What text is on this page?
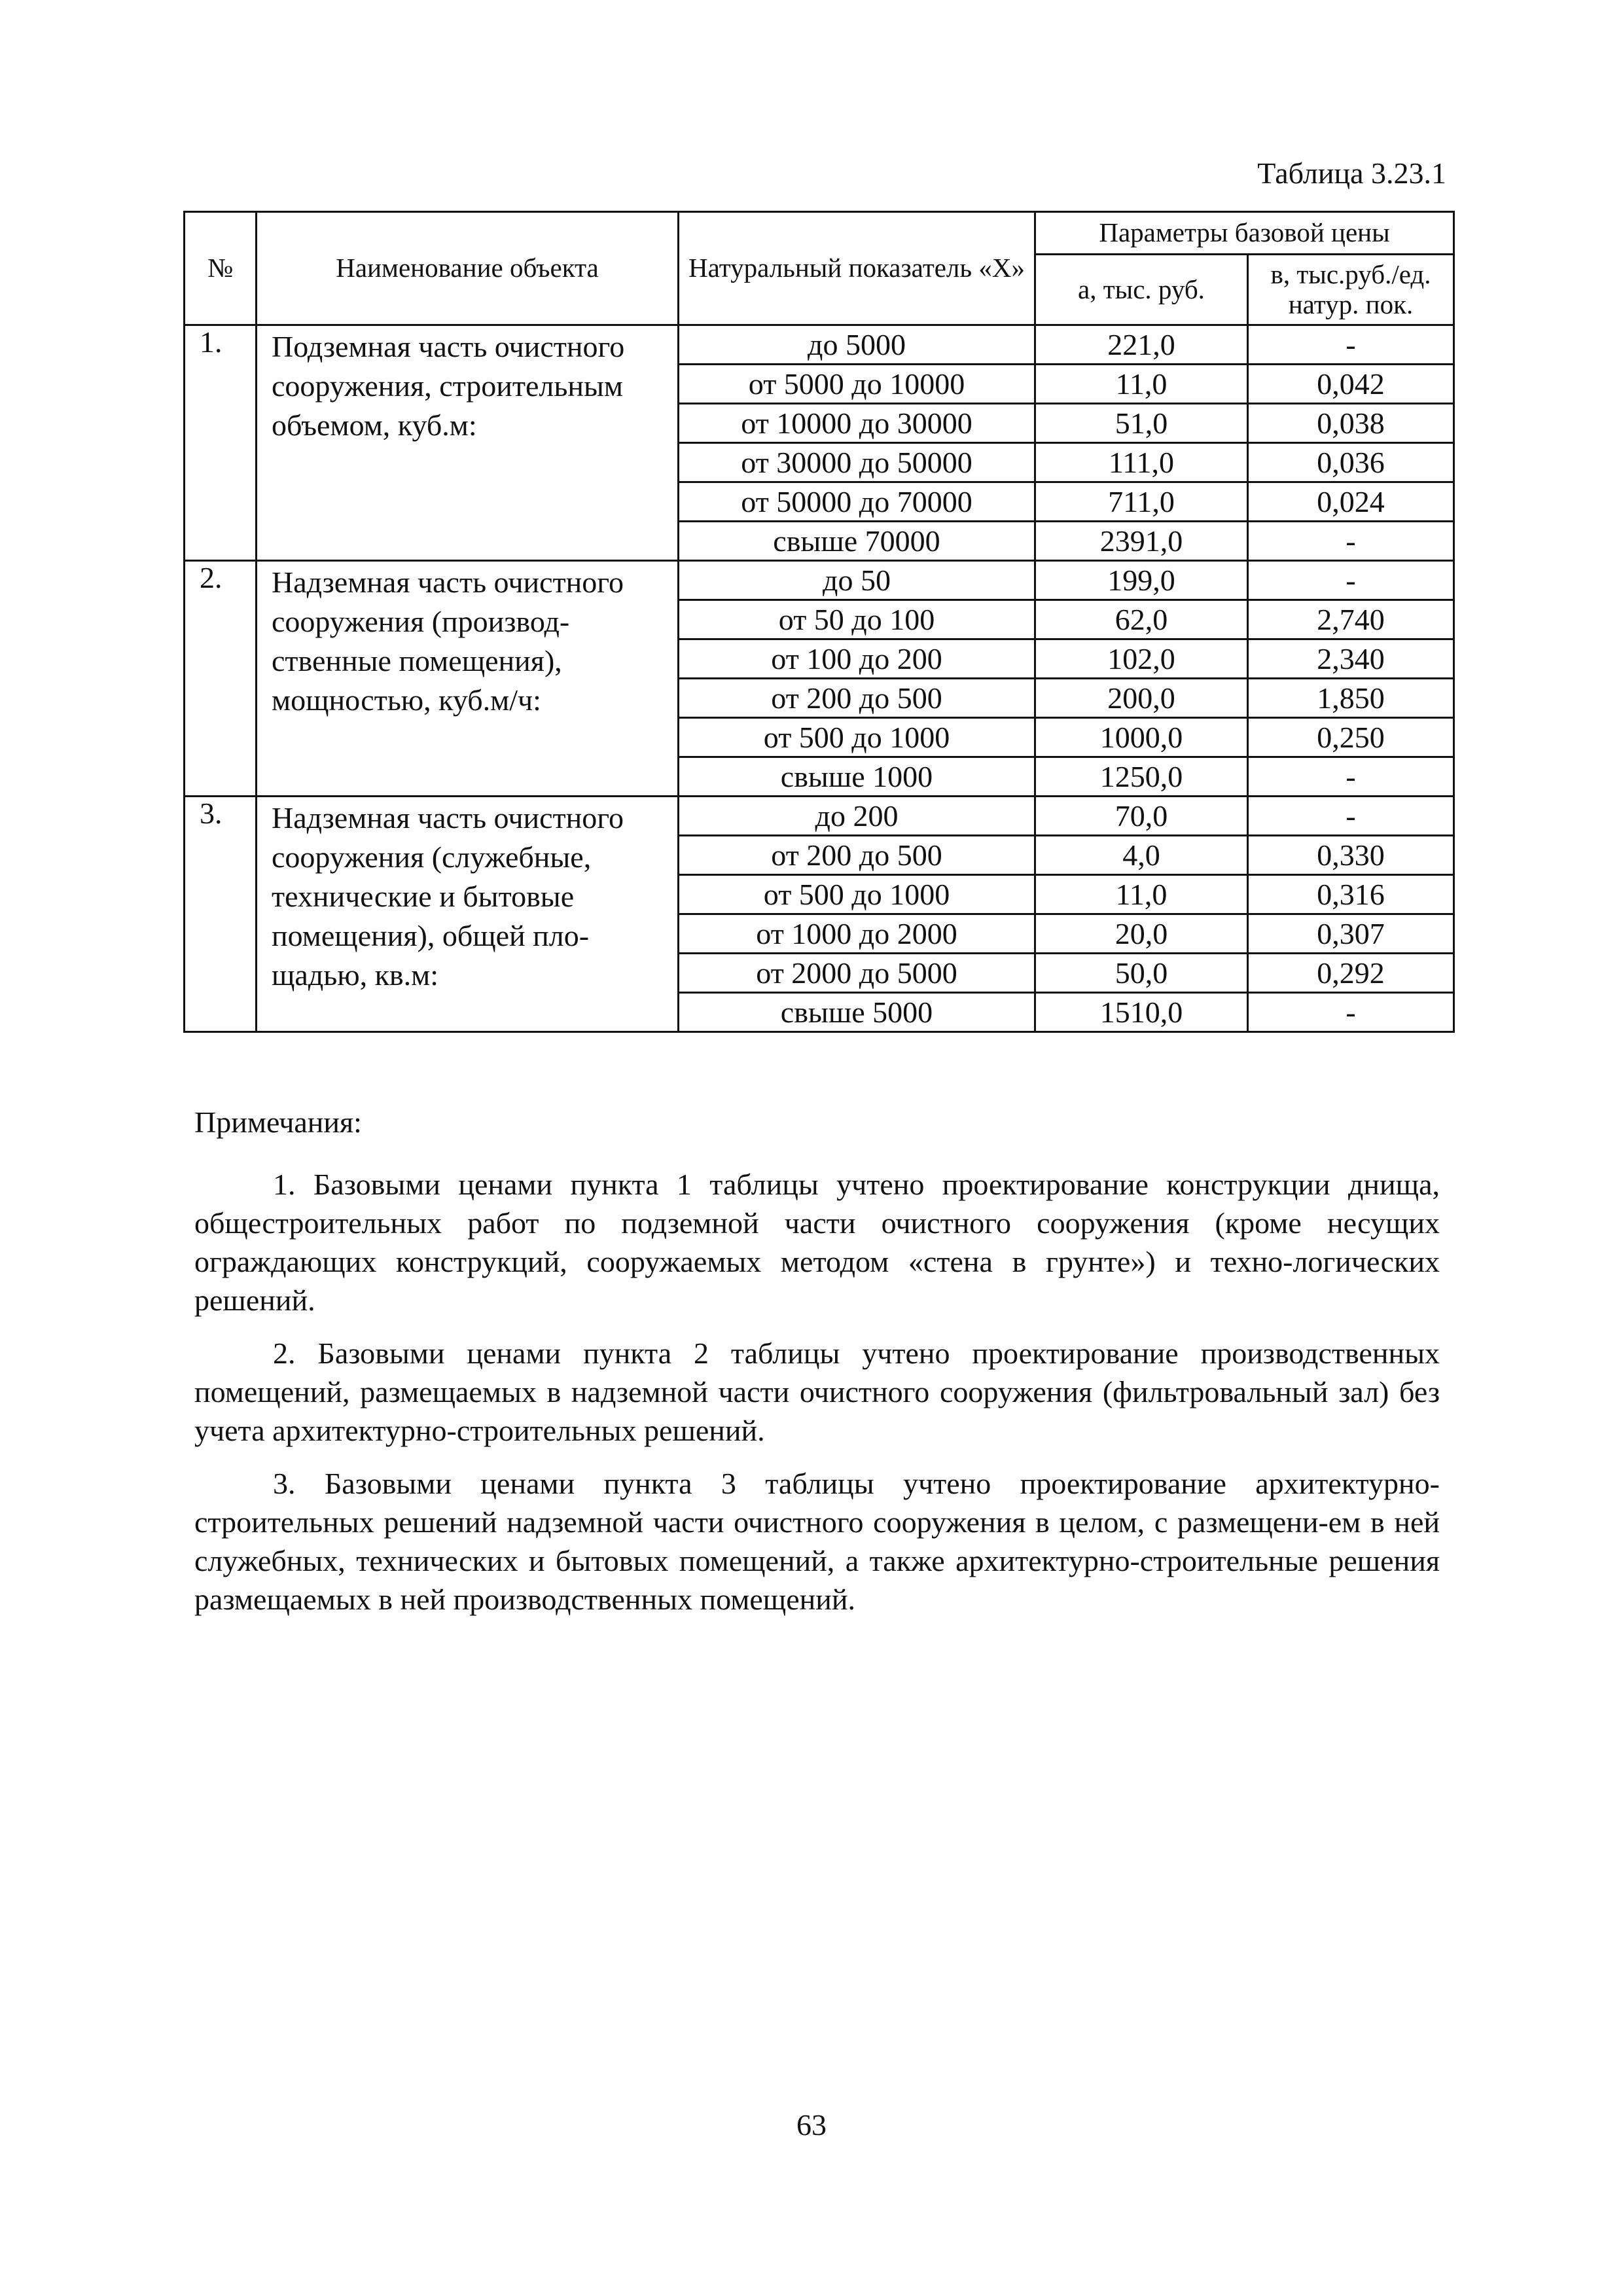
Таблица 3.23.1
№	Наименование объекта	Натуральный показатель «Х»	Параметры базовой цены	
			а, тыс. руб.	в, тыс.руб./ед. натур. пок.
1.	Подземная часть очистного сооружения, строительным объемом, куб.м:	до 5000	221,0	-
		от 5000 до 10000	11,0	0,042
		от 10000 до 30000	51,0	0,038
		от 30000 до 50000	111,0	0,036
		от 50000 до 70000	711,0	0,024
		свыше 70000	2391,0	-
2.	Надземная часть очистного сооружения (производ-ственные помещения), мощностью, куб.м/ч:	до 50	199,0	-
		от 50 до 100	62,0	2,740
		от 100 до 200	102,0	2,340
		от 200 до 500	200,0	1,850
		от 500 до 1000	1000,0	0,250
		свыше 1000	1250,0	-
3.	Надземная часть очистного сооружения (служебные, технические и бытовые помещения), общей пло-щадью, кв.м:	до 200	70,0	-
		от 200 до 500	4,0	0,330
		от 500 до 1000	11,0	0,316
		от 1000 до 2000	20,0	0,307
		от 2000 до 5000	50,0	0,292
		свыше 5000	1510,0	-
Примечания:

1. Базовыми ценами пункта 1 таблицы учтено проектирование конструкции днища, общестроительных работ по подземной части очистного сооружения (кроме несущих ограждающих конструкций, сооружаемых методом «стена в грунте») и техно-логических решений.

2. Базовыми ценами пункта 2 таблицы учтено проектирование производственных помещений, размещаемых в надземной части очистного сооружения (фильтровальный зал) без учета архитектурно-строительных решений.

3. Базовыми ценами пункта 3 таблицы учтено проектирование архитектурно-строительных решений надземной части очистного сооружения в целом, с размещени-ем в ней служебных, технических и бытовых помещений, а также архитектурно-строительные решения размещаемых в ней производственных помещений.

63
